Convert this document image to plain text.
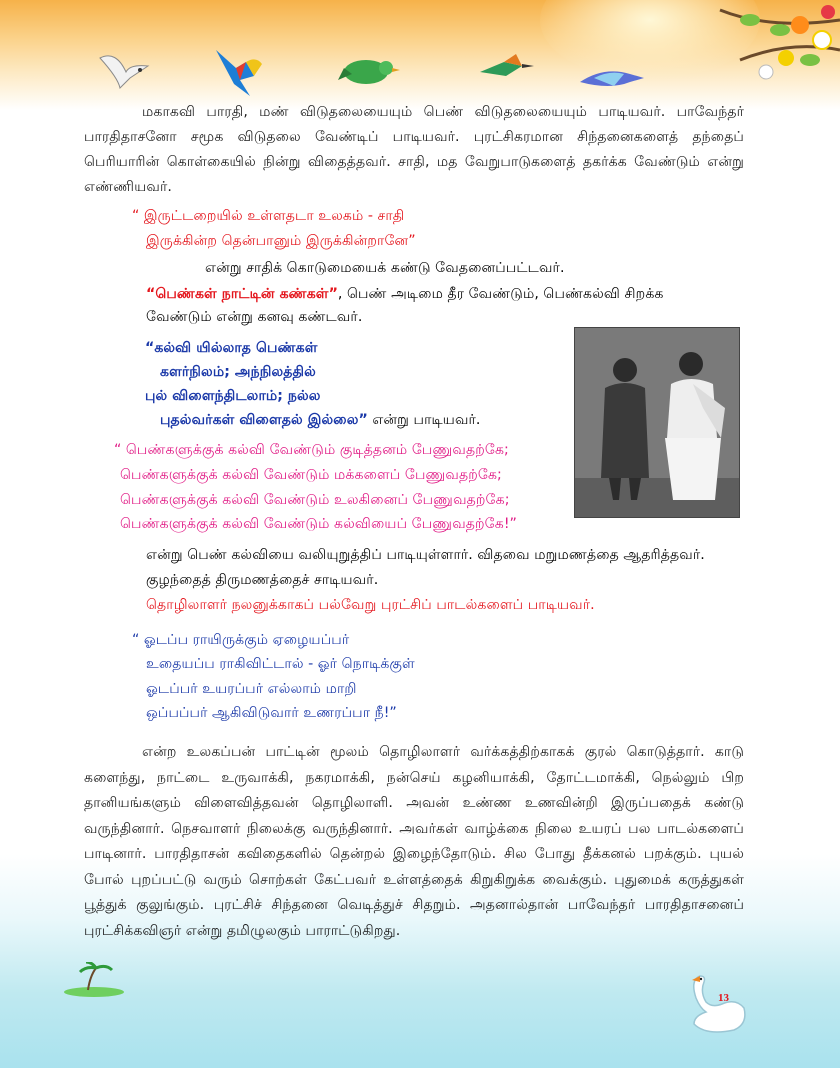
மகாகவி பாரதி, மண் விடுதலையையும் பெண் விடுதலையையும் பாடியவர். பாவேந்தர் பாரதிதாசனோ சமூக விடுதலை வேண்டிப் பாடியவர். புரட்சிகரமான சிந்தனைகளைத் தந்தைப் பெரியாரின் கொள்கையில் நின்று விதைத்தவர். சாதி, மத வேறுபாடுகளைத் தகர்க்க வேண்டும் என்று எண்ணியவர்.

“ இருட்டறையில் உள்ளதடா உலகம் - சாதி
இருக்கின்ற தென்பானும் இருக்கின்றானே”
என்று சாதிக் கொடுமையைக் கண்டு வேதனைப்பட்டவர்.
“பெண்கள் நாட்டின் கண்கள்”, பெண் அடிமை தீர வேண்டும், பெண்கல்வி சிறக்க
வேண்டும் என்று கனவு கண்டவர்.
“கல்வி யில்லாத பெண்கள்
களர்நிலம்; அந்நிலத்தில்
புல் விளைந்திடலாம்; நல்ல
புதல்வர்கள் விளைதல் இல்லை” என்று பாடியவர்.
“ பெண்களுக்குக் கல்வி வேண்டும் குடித்தனம் பேணுவதற்கே;
பெண்களுக்குக் கல்வி வேண்டும் மக்களைப் பேணுவதற்கே;
பெண்களுக்குக் கல்வி வேண்டும் உலகினைப் பேணுவதற்கே;
பெண்களுக்குக் கல்வி வேண்டும் கல்வியைப் பேணுவதற்கே!”
என்று பெண் கல்வியை வலியுறுத்திப் பாடியுள்ளார். விதவை மறுமணத்தை ஆதரித்தவர்.
குழந்தைத் திருமணத்தைச் சாடியவர்.
தொழிலாளர் நலனுக்காகப் பல்வேறு புரட்சிப் பாடல்களைப் பாடியவர்.
“ ஓடப்ப ராயிருக்கும் ஏழையப்பர்
உதையப்ப ராகிவிட்டால் - ஓர் நொடிக்குள்
ஓடப்பர் உயரப்பர் எல்லாம் மாறி
ஒப்பப்பர் ஆகிவிடுவார் உணரப்பா நீ!”

என்ற உலகப்பன் பாட்டின் மூலம் தொழிலாளர் வர்க்கத்திற்காகக் குரல் கொடுத்தார். காடு களைந்து, நாட்டை உருவாக்கி, நகரமாக்கி, நன்செய் கழனியாக்கி, தோட்டமாக்கி, நெல்லும் பிற தானியங்களும் விளைவித்தவன் தொழிலாளி. அவன் உண்ண உணவின்றி இருப்பதைக் கண்டு வருந்தினார். நெசவாளர் நிலைக்கு வருந்தினார். அவர்கள் வாழ்க்கை நிலை உயரப் பல பாடல்களைப் பாடினார். பாரதிதாசன் கவிதைகளில் தென்றல் இழைந்தோடும். சில போது தீக்கனல் பறக்கும். புயல் போல் புறப்பட்டு வரும் சொற்கள் கேட்பவர் உள்ளத்தைக் கிறுகிறுக்க வைக்கும். புதுமைக் கருத்துகள் பூத்துக் குலுங்கும். புரட்சிச் சிந்தனை வெடித்துச் சிதறும். அதனால்தான் பாவேந்தர் பாரதிதாசனைப் புரட்சிக்கவிஞர் என்று தமிழுலகும் பாராட்டுகிறது.

13
